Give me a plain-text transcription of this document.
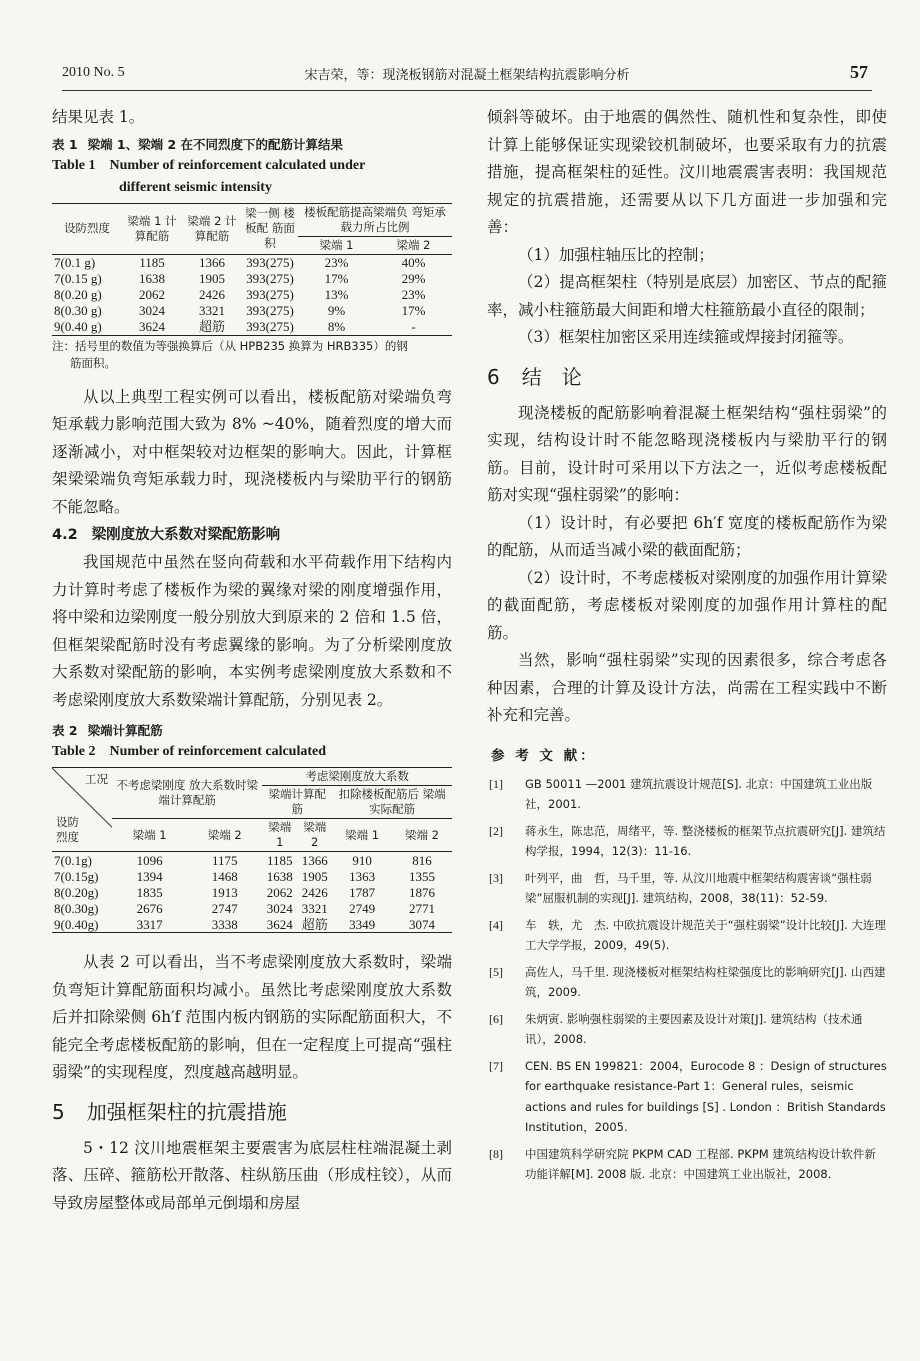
2010 No. 5	宋吉荣，等：现浇板钢筋对混凝土框架结构抗震影响分析	57

结果见表 1。

表 1 梁端 1、梁端 2 在不同烈度下的配筋计算结果
Table 1 Number of reinforcement calculated under
different seismic intensity
设防烈度	梁端 1 计算配筋	梁端 2 计算配筋	梁一侧 楼板配 筋面积	楼板配筋提高梁端负 弯矩承载力所占比例	
				梁端 1	梁端 2
7(0.1 g)	1185	1366	393(275)	23%	40%
7(0.15 g)	1638	1905	393(275)	17%	29%
8(0.20 g)	2062	2426	393(275)	13%	23%
8(0.30 g)	3024	3321	393(275)	9%	17%
9(0.40 g)	3624	超筋	393(275)	8%	-
注：括号里的数值为等强换算后（从 HPB235 换算为 HRB335）的钢
筋面积。

从以上典型工程实例可以看出，楼板配筋对梁端负弯矩承载力影响范围大致为 8% ~40%，随着烈度的增大而逐渐减小，对中框架较对边框架的影响大。因此，计算框架梁梁端负弯矩承载力时，现浇楼板内与梁肋平行的钢筋不能忽略。

4.2 梁刚度放大系数对梁配筋影响

我国规范中虽然在竖向荷载和水平荷载作用下结构内力计算时考虑了楼板作为梁的翼缘对梁的刚度增强作用，将中梁和边梁刚度一般分别放大到原来的 2 倍和 1.5 倍，但框架梁配筋时没有考虑翼缘的影响。为了分析梁刚度放大系数对梁配筋的影响，本实例考虑梁刚度放大系数和不考虑梁刚度放大系数梁端计算配筋，分别见表 2。

表 2 梁端计算配筋
Table 2 Number of reinforcement calculated
工况
设防 烈度	不考虑梁刚度 放大系数时梁 端计算配筋		考虑梁刚度放大系数			
			梁端计算配筋		扣除楼板配筋后 梁端实际配筋	
	梁端 1	梁端 2	梁端 1	梁端 2	梁端 1	梁端 2
7(0.1g)	1096	1175	1185	1366	910	816
7(0.15g)	1394	1468	1638	1905	1363	1355
8(0.20g)	1835	1913	2062	2426	1787	1876
8(0.30g)	2676	2747	3024	3321	2749	2771
9(0.40g)	3317	3338	3624	超筋	3349	3074

从表 2 可以看出，当不考虑梁刚度放大系数时，梁端负弯矩计算配筋面积均减小。虽然比考虑梁刚度放大系数后并扣除梁侧 6h′f 范围内板内钢筋的实际配筋面积大，不能完全考虑楼板配筋的影响，但在一定程度上可提高“强柱弱梁”的实现程度，烈度越高越明显。

5 加强框架柱的抗震措施

5・12 汶川地震框架主要震害为底层柱柱端混凝土剥落、压碎、箍筋松开散落、柱纵筋压曲（形成柱铰），从而导致房屋整体或局部单元倒塌和房屋

倾斜等破坏。由于地震的偶然性、随机性和复杂性，即使计算上能够保证实现梁铰机制破坏，也要采取有力的抗震措施，提高框架柱的延性。汶川地震震害表明：我国规范规定的抗震措施，还需要从以下几方面进一步加强和完善：

（1）加强柱轴压比的控制；

（2）提高框架柱（特别是底层）加密区、节点的配箍率，减小柱箍筋最大间距和增大柱箍筋最小直径的限制；

（3）框架柱加密区采用连续箍或焊接封闭箍等。

6 结　论

现浇楼板的配筋影响着混凝土框架结构“强柱弱梁”的实现，结构设计时不能忽略现浇楼板内与梁肋平行的钢筋。目前，设计时可采用以下方法之一，近似考虑楼板配筋对实现“强柱弱梁”的影响：

（1）设计时，有必要把 6h′f 宽度的楼板配筋作为梁的配筋，从而适当减小梁的截面配筋；

（2）设计时，不考虑楼板对梁刚度的加强作用计算梁的截面配筋，考虑楼板对梁刚度的加强作用计算柱的配筋。

当然，影响“强柱弱梁”实现的因素很多，综合考虑各种因素，合理的计算及设计方法，尚需在工程实践中不断补充和完善。

参 考 文 献：
[1] GB 50011 —2001 建筑抗震设计规范[S]. 北京：中国建筑工业出版社，2001.
[2] 蒋永生，陈忠范，周绪平，等. 整浇楼板的框架节点抗震研究[J]. 建筑结构学报，1994，12(3)：11-16.
[3] 叶列平，曲　哲，马千里，等. 从汶川地震中框架结构震害谈“强柱弱梁”屈服机制的实现[J]. 建筑结构，2008，38(11)：52-59.
[4] 车　轶，尤　杰. 中欧抗震设计规范关于“强柱弱梁”设计比较[J]. 大连理工大学学报，2009，49(5).
[5] 高佐人，马千里. 现浇楼板对框架结构柱梁强度比的影响研究[J]. 山西建筑，2009.
[6] 朱炳寅. 影响强柱弱梁的主要因素及设计对策[J]. 建筑结构（技术通讯），2008.
[7] CEN. BS EN 199821：2004，Eurocode 8 ：Design of structures for earthquake resistance-Part 1：General rules，seismic actions and rules for buildings [S] . London ：British Standards Institution，2005.
[8] 中国建筑科学研究院 PKPM CAD 工程部. PKPM 建筑结构设计软件新功能详解[M]. 2008 版. 北京：中国建筑工业出版社，2008.
